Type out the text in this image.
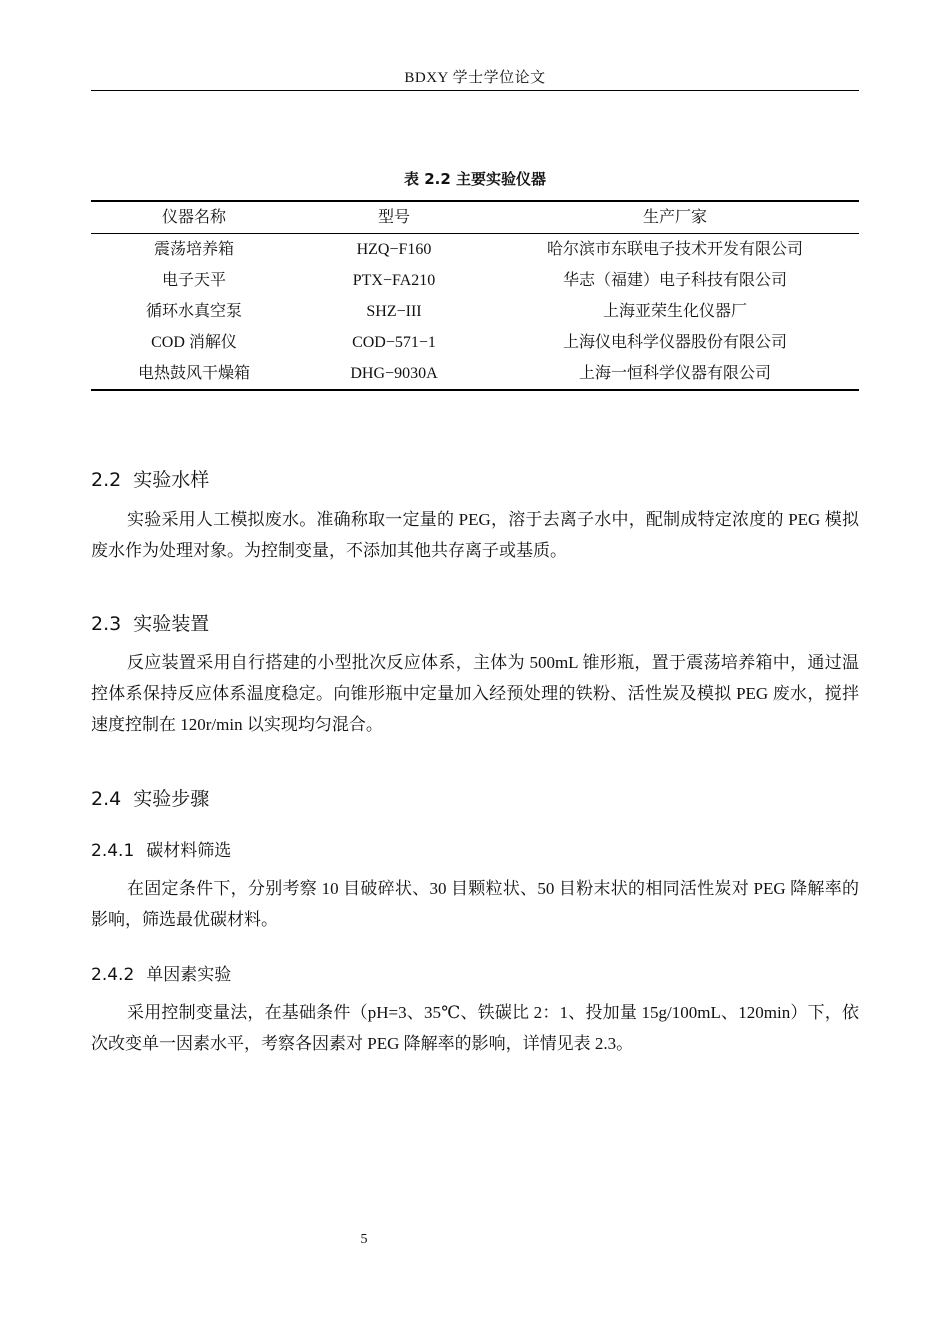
BDXY 学士学位论文
表 2.2 主要实验仪器
仪器名称	型号	生产厂家
震荡培养箱	HZQ−F160	哈尔滨市东联电子技术开发有限公司
电子天平	PTX−FA210	华志（福建）电子科技有限公司
循环水真空泵	SHZ−III	上海亚荣生化仪器厂
COD 消解仪	COD−571−1	上海仪电科学仪器股份有限公司
电热鼓风干燥箱	DHG−9030A	上海一恒科学仪器有限公司
2.2 实验水样

实验采用人工模拟废水。准确称取一定量的 PEG，溶于去离子水中，配制成特定浓度的 PEG 模拟废水作为处理对象。为控制变量，不添加其他共存离子或基质。

2.3 实验装置

反应装置采用自行搭建的小型批次反应体系，主体为 500mL 锥形瓶，置于震荡培养箱中，通过温控体系保持反应体系温度稳定。向锥形瓶中定量加入经预处理的铁粉、活性炭及模拟 PEG 废水，搅拌速度控制在 120r/min 以实现均匀混合。

2.4 实验步骤
2.4.1 碳材料筛选

在固定条件下，分别考察 10 目破碎状、30 目颗粒状、50 目粉末状的相同活性炭对 PEG 降解率的影响，筛选最优碳材料。

2.4.2 单因素实验

采用控制变量法，在基础条件（pH=3、35℃、铁碳比 2：1、投加量 15g/100mL、120min）下，依次改变单一因素水平，考察各因素对 PEG 降解率的影响，详情见表 2.3。

5
